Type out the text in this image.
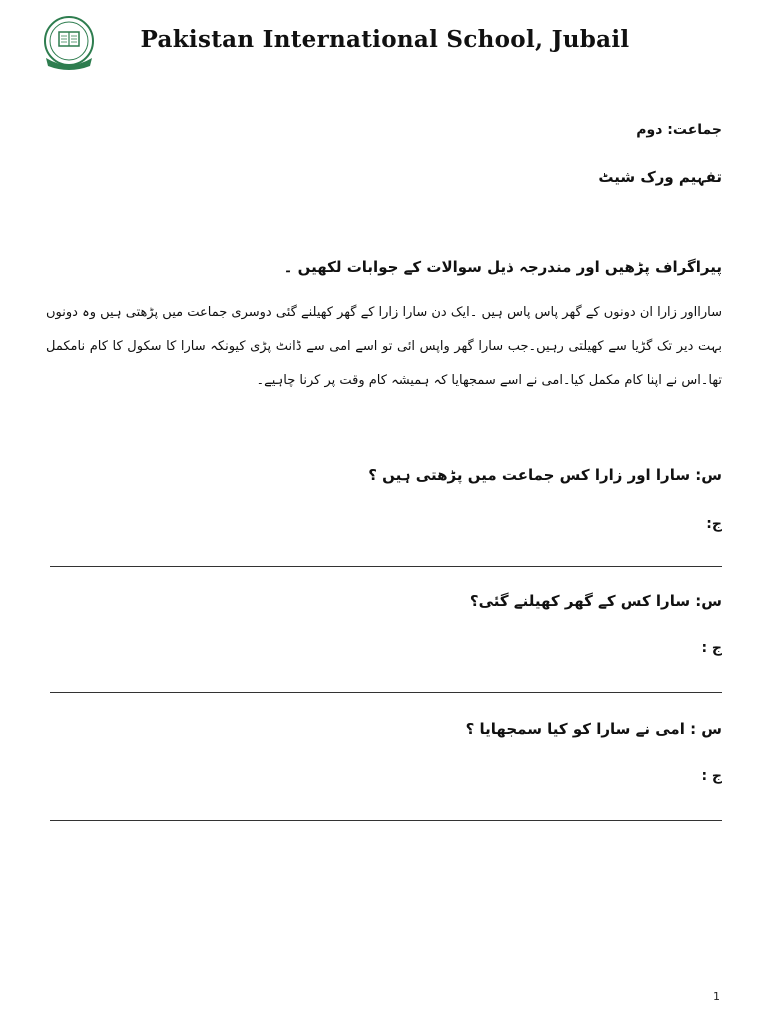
Pakistan International School, Jubail
جماعت: دوم
تفہیم ورک شیٹ
پیراگراف پڑھیں اور مندرجہ ذیل سوالات کے جوابات لکھیں ۔
سارااور زارا ان دونوں کے گھر پاس پاس ہیں ۔ایک دن سارا زارا کے گھر کھیلنے گئی دوسری جماعت میں پڑھتی ہیں وہ دونوں بہت دیر تک گڑیا سے کھیلتی رہیں۔جب سارا گھر واپس ائی تو اسے امی سے ڈانٹ پڑی کیونکہ سارا کا سکول کا کام نامکمل تھا۔اس نے اپنا کام مکمل کیا۔امی نے اسے سمجھایا کہ ہمیشہ کام وقت پر کرنا چاہیے۔
س: سارا اور زارا کس جماعت میں پڑھتی ہیں ؟
ج:
س: سارا کس کے گھر کھیلنے گئی؟
ج :
س : امی نے سارا کو کیا سمجھایا ؟
ج :
1
